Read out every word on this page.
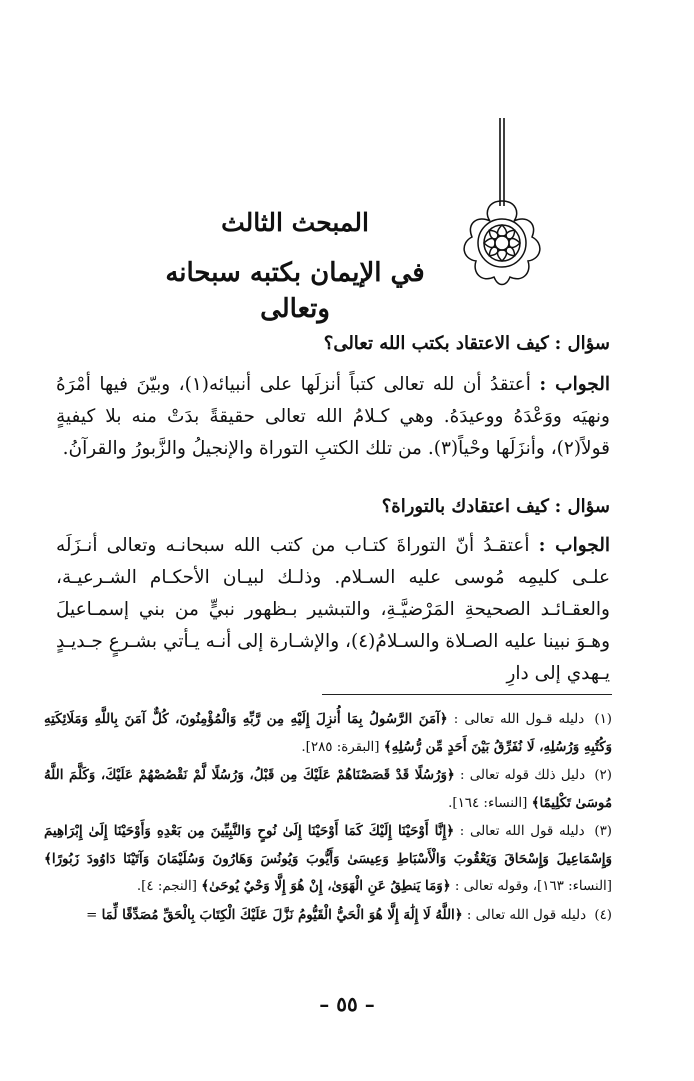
المبحث الثالث

في الإيمان بكتبه سبحانه وتعالى

سؤال : كيف الاعتقاد بكتب الله تعالى؟
الجواب : أعتقدُ أن لله تعالى كتباً أنزلَها على أنبيائه(١)، وبيّنَ فيها أمْرَهُ ونهيَه ووَعْدَهُ ووعيدَهُ. وهي كـلامُ الله تعالى حقيقةً بدَتْ منه بلا كيفيةٍ قولاً(٢)، وأنزَلَها وحْياً(٣). من تلك الكتبِ التوراة والإنجيلُ والزَّبورُ والقرآنُ.
سؤال : كيف اعتقادك بالتوراة؟
الجواب : أعتقـدُ أنّ التوراةَ كتـاب من كتب الله سبحانـه وتعالى أنـزَلَه علـى كليمِه مُوسى عليه السـلام. وذلـك لبيـان الأحكـام الشـرعيـة، والعقـائـد الصحيحةِ المَرْضيَّـةِ، والتبشير بـظهور نبيٍّ من بني إسمـاعيلَ وهـوَ نبينا عليه الصـلاة والسـلامُ(٤)، والإشـارة إلى أنـه يـأتي بشـرعٍ جـديـدٍ يـهدي إلى دارِ

(١) دليله قـول الله تعالى : ﴿آمَنَ الرَّسُولُ بِمَا أُنزِلَ إِلَيْهِ مِن رَّبِّهِ وَالْمُؤْمِنُونَ، كُلٌّ آمَنَ بِاللَّهِ وَمَلَائِكَتِهِ وَكُتُبِهِ وَرُسُلِهِ، لَا نُفَرِّقُ بَيْنَ أَحَدٍ مِّن رُّسُلِهِ﴾ [البقرة: ٢٨٥].

(٢) دليل ذلك قوله تعالى : ﴿وَرُسُلًا قَدْ قَصَصْنَاهُمْ عَلَيْكَ مِن قَبْلُ، وَرُسُلًا لَّمْ نَقْصُصْهُمْ عَلَيْكَ، وَكَلَّمَ اللَّهُ مُوسَىٰ تَكْلِيمًا﴾ [النساء: ١٦٤].

(٣) دليله قول الله تعالى : ﴿إِنَّا أَوْحَيْنَا إِلَيْكَ كَمَا أَوْحَيْنَا إِلَىٰ نُوحٍ وَالنَّبِيِّينَ مِن بَعْدِهِ وَأَوْحَيْنَا إِلَىٰ إِبْرَاهِيمَ وَإِسْمَاعِيلَ وَإِسْحَاقَ وَيَعْقُوبَ وَالْأَسْبَاطِ وَعِيسَىٰ وَأَيُّوبَ وَيُونُسَ وَهَارُونَ وَسُلَيْمَانَ وَآتَيْنَا دَاوُودَ زَبُورًا﴾ [النساء: ١٦٣]، وقوله تعالى : ﴿وَمَا يَنطِقُ عَنِ الْهَوَىٰ، إِنْ هُوَ إِلَّا وَحْيٌ يُوحَىٰ﴾ [النجم: ٤].

(٤) دليله قول الله تعالى : ﴿اللَّهُ لَا إِلَٰهَ إِلَّا هُوَ الْحَيُّ الْقَيُّومُ نَزَّلَ عَلَيْكَ الْكِتَابَ بِالْحَقِّ مُصَدِّقًا لِّمَا =

– ٥٥ –
